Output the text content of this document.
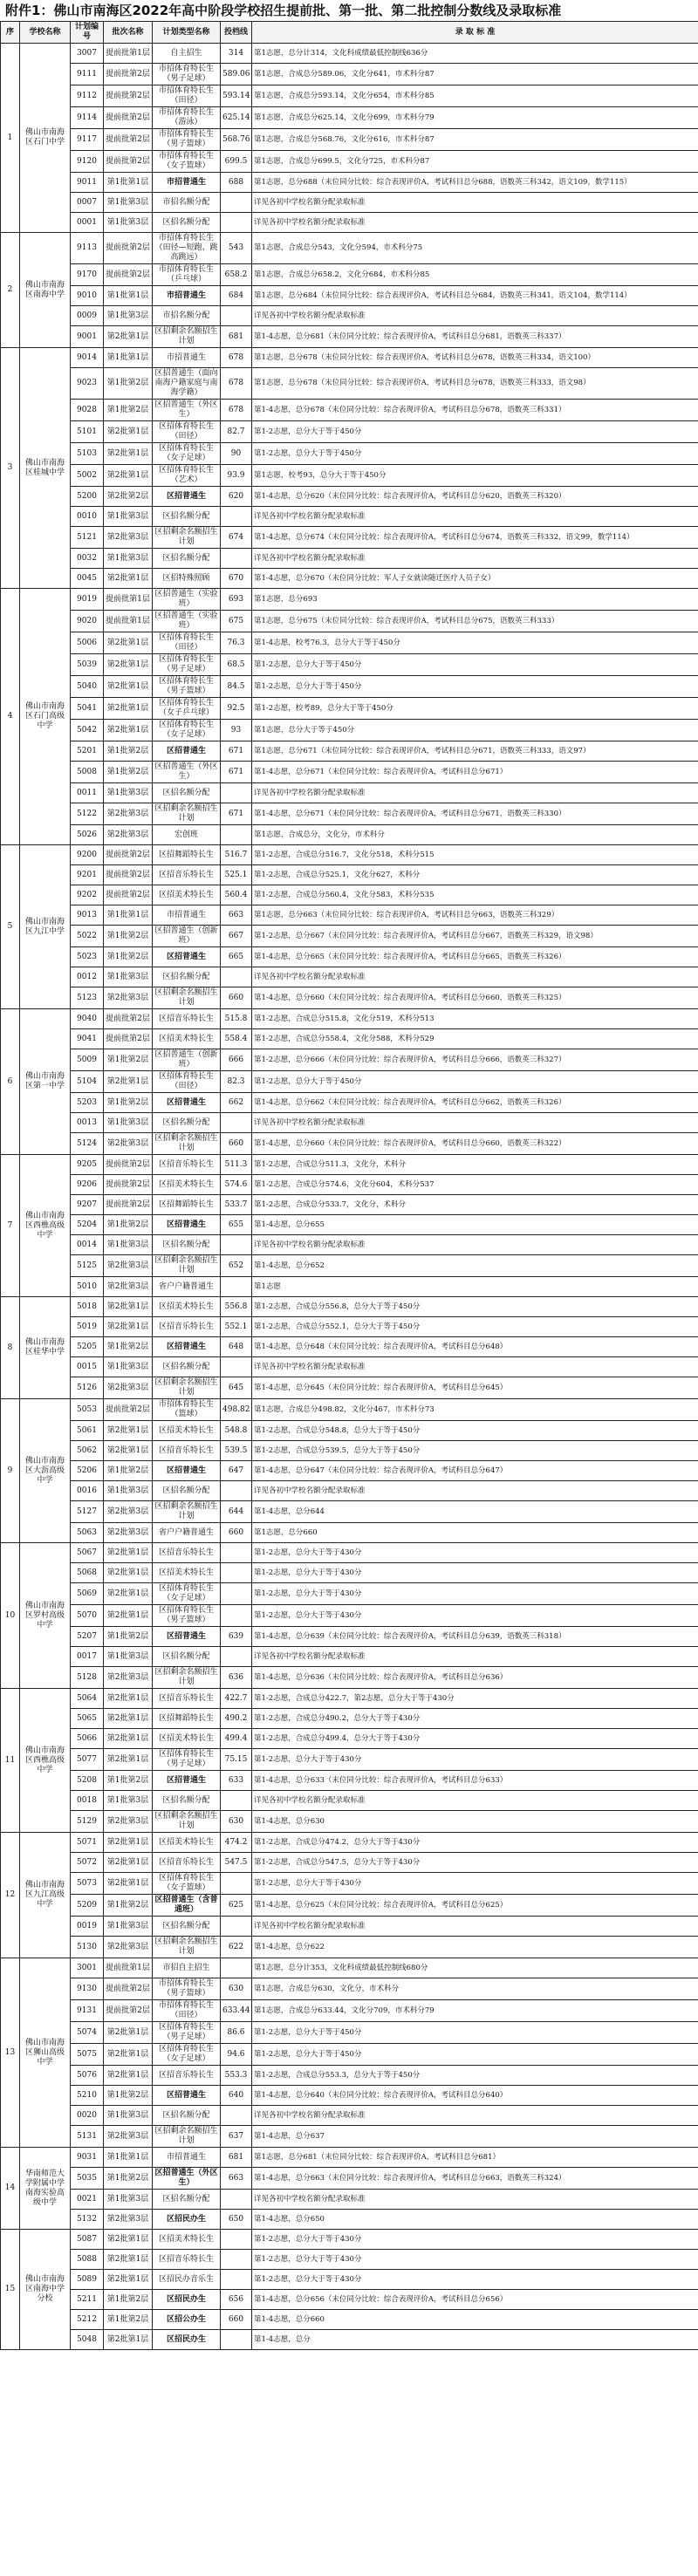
附件1：佛山市南海区2022年高中阶段学校招生提前批、第一批、第二批控制分数线及录取标准
序	学校名称	计划编号	批次名称	计划类型名称	投档线	录 取 标 准
1	佛山市南海区石门中学	3007	提前批第1层	自主招生	314	第1志愿，总分计314，文化科成绩最低控制线636分
		9111	提前批第2层	市招体育特长生（男子足球）	589.06	第1志愿，合成总分589.06，文化分641，市术科分87
		9112	提前批第2层	市招体育特长生（田径）	593.14	第1志愿，合成总分593.14，文化分654，市术科分85
		9114	提前批第2层	市招体育特长生（游泳）	625.14	第1志愿，合成总分625.14，文化分699，市术科分79
		9117	提前批第2层	市招体育特长生（男子篮球）	568.76	第1志愿，合成总分568.76，文化分616，市术科分87
		9120	提前批第2层	市招体育特长生（女子篮球）	699.5	第1志愿，合成总分699.5，文化分725，市术科分87
		9011	第1批第1层	市招普通生	688	第1志愿，总分688（末位同分比较：综合表现评价A，考试科目总分688，语数英三科342，语文109，数学115）
		0007	第1批第3层	市招名额分配		详见各初中学校名额分配录取标准
		0001	第1批第3层	区招名额分配		详见各初中学校名额分配录取标准
2	佛山市南海区南海中学	9113	提前批第2层	市招体育特长生（田径—短跑、跳高跳远）	543	第1志愿，合成总分543，文化分594，市术科分75
		9170	提前批第2层	市招体育特长生（乒乓球）	658.2	第1志愿，合成总分658.2，文化分684，市术科分85
		9010	第1批第1层	市招普通生	684	第1志愿，总分684（末位同分比较：综合表现评价A，考试科目总分684，语数英三科341，语文104，数学114）
		0009	第1批第3层	市招名额分配		详见各初中学校名额分配录取标准
		9001	第2批第1层	区招剩余名额招生计划	681	第1-4志愿，总分681（末位同分比较：综合表现评价A，考试科目总分681，语数英三科337）
3	佛山市南海区桂城中学	9014	第1批第1层	市招普通生	678	第1志愿，总分678（末位同分比较：综合表现评价A，考试科目总分678，语数英三科334，语文100）
		9023	第1批第2层	区招普通生（面向南海户籍家庭与南海学籍）	678	第1志愿，总分678（末位同分比较：综合表现评价A，考试科目总分678，语数英三科333，语文98）
		9028	第1批第2层	区招普通生（外区生）	678	第1-4志愿，总分678（末位同分比较：综合表现评价A，考试科目总分678，语数英三科331）
		5101	第2批第1层	区招体育特长生（田径）	82.7	第1-2志愿，总分大于等于450分
		5103	第2批第1层	区招体育特长生（女子足球）	90	第1-2志愿，总分大于等于450分
		5002	第2批第1层	区招体育特长生（艺术）	93.9	第1志愿，校考93，总分大于等于450分
		5200	第2批第2层	区招普通生	620	第1-4志愿，总分620（末位同分比较：综合表现评价A，考试科目总分620，语数英三科320）
		0010	第1批第3层	区招名额分配		详见各初中学校名额分配录取标准
		5121	第2批第3层	区招剩余名额招生计划	674	第1-4志愿，总分674（末位同分比较：综合表现评价A，考试科目总分674，语数英三科332，语文99，数学114）
		0032	第1批第3层	区招名额分配		详见各初中学校名额分配录取标准
		0045	第2批第1层	区招特殊照顾	670	第1-4志愿，总分670（末位同分比较：军人子女就读随迁医疗人员子女）
4	佛山市南海区石门高级中学	9019	提前批第1层	区招普通生（实验班）	693	第1志愿，总分693
		9020	提前批第1层	区招普通生（实验班）	675	第1志愿，总分675（末位同分比较：综合表现评价A，考试科目总分675，语数英三科333）
		5006	第2批第1层	区招体育特长生（田径）	76.3	第1-4志愿，校考76.3，总分大于等于450分
		5039	第2批第1层	区招体育特长生（男子足球）	68.5	第1-2志愿，总分大于等于450分
		5040	第2批第1层	区招体育特长生（男子篮球）	84.5	第1-2志愿，总分大于等于450分
		5041	第2批第1层	区招体育特长生（女子乒乓球）	92.5	第1-2志愿，校考89，总分大于等于450分
		5042	第2批第1层	区招体育特长生（女子足球）	93	第1志愿，总分大于等于450分
		5201	第1批第2层	区招普通生	671	第1志愿，总分671（末位同分比较：综合表现评价A，考试科目总分671，语数英三科333，语文97）
		5008	第1批第2层	区招普通生（外区生）	671	第1-4志愿，总分671（末位同分比较：综合表现评价A，考试科目总分671）
		0011	第1批第3层	区招名额分配		详见各初中学校名额分配录取标准
		5122	第2批第3层	区招剩余名额招生计划	671	第1-4志愿，总分671（末位同分比较：综合表现评价A，考试科目总分671，语数英三科330）
		5026	第2批第3层	宏创班		第1志愿，合成总分，文化分，市术科分
5	佛山市南海区九江中学	9200	提前批第2层	区招舞蹈特长生	516.7	第1-2志愿，合成总分516.7，文化分518，术科分515
		9201	提前批第2层	区招音乐特长生	525.1	第1-2志愿，合成总分525.1，文化分627，术科分
		9202	提前批第2层	区招美术特长生	560.4	第1-2志愿，合成总分560.4，文化分583，术科分535
		9013	第1批第1层	市招普通生	663	第1志愿，总分663（末位同分比较：综合表现评价A，考试科目总分663，语数英三科329）
		5022	第1批第2层	区招普通生（创新班）	667	第1-2志愿，总分667（末位同分比较：综合表现评价A，考试科目总分667，语数英三科329，语文98）
		5023	第1批第2层	区招普通生	665	第1-4志愿，总分665（末位同分比较：综合表现评价A，考试科目总分665，语数英三科326）
		0012	第1批第3层	区招名额分配		详见各初中学校名额分配录取标准
		5123	第2批第3层	区招剩余名额招生计划	660	第1-4志愿，总分660（末位同分比较：综合表现评价A，考试科目总分660，语数英三科325）
6	佛山市南海区第一中学	9040	提前批第2层	区招音乐特长生	515.8	第1-2志愿，合成总分515.8，文化分519，术科分513
		9041	提前批第2层	区招美术特长生	558.4	第1-2志愿，合成总分558.4，文化分588，术科分529
		5009	第1批第2层	区招普通生（创新班）	666	第1-2志愿，总分666（末位同分比较：综合表现评价A，考试科目总分666，语数英三科327）
		5104	第2批第1层	区招体育特长生（田径）	82.3	第1-2志愿，总分大于等于450分
		5203	第1批第2层	区招普通生	662	第1-4志愿，总分662（末位同分比较：综合表现评价A，考试科目总分662，语数英三科326）
		0013	第1批第3层	区招名额分配		详见各初中学校名额分配录取标准
		5124	第2批第3层	区招剩余名额招生计划	660	第1-4志愿，总分660（末位同分比较：综合表现评价A，考试科目总分660，语数英三科322）
7	佛山市南海区西樵高级中学	9205	提前批第2层	区招音乐特长生	511.3	第1-2志愿，合成总分511.3，文化分，术科分
		9206	提前批第2层	区招美术特长生	574.6	第1-2志愿，合成总分574.6，文化分604，术科分537
		9207	提前批第2层	区招舞蹈特长生	533.7	第1-2志愿，合成总分533.7，文化分，术科分
		5204	第1批第2层	区招普通生	655	第1-4志愿，总分655
		0014	第1批第3层	区招名额分配		详见各初中学校名额分配录取标准
		5125	第2批第3层	区招剩余名额招生计划	652	第1-4志愿，总分652
		5010	第2批第3层	省户户籍普通生		第1志愿
8	佛山市南海区桂华中学	5018	第2批第1层	区招美术特长生	556.8	第1-2志愿，合成总分556.8，总分大于等于450分
		5019	第2批第1层	区招音乐特长生	552.1	第1-2志愿，合成总分552.1，总分大于等于450分
		5205	第1批第2层	区招普通生	648	第1-4志愿，总分648（末位同分比较：综合表现评价A，考试科目总分648）
		0015	第1批第3层	区招名额分配		详见各初中学校名额分配录取标准
		5126	第2批第3层	区招剩余名额招生计划	645	第1-4志愿，总分645（末位同分比较：综合表现评价A，考试科目总分645）
9	佛山市南海区大沥高级中学	5053	提前批第2层	市招体育特长生（篮球）	498.82	第1志愿，合成总分498.82，文化分467，市术科分73
		5061	第2批第1层	区招美术特长生	548.8	第1-2志愿，合成总分548.8，总分大于等于450分
		5062	第2批第1层	区招音乐特长生	539.5	第1-2志愿，合成总分539.5，总分大于等于450分
		5206	第1批第2层	区招普通生	647	第1-4志愿，总分647（末位同分比较：综合表现评价A，考试科目总分647）
		0016	第1批第3层	区招名额分配		详见各初中学校名额分配录取标准
		5127	第2批第3层	区招剩余名额招生计划	644	第1-4志愿，总分644
		5063	第2批第3层	省户户籍普通生	660	第1志愿，总分660
10	佛山市南海区罗村高级中学	5067	第2批第1层	区招音乐特长生		第1-2志愿，总分大于等于430分
		5068	第2批第1层	区招美术特长生		第1-2志愿，总分大于等于430分
		5069	第2批第1层	区招体育特长生（女子足球）		第1-2志愿，总分大于等于430分
		5070	第2批第1层	区招体育特长生（男子篮球）		第1-2志愿，总分大于等于430分
		5207	第1批第2层	区招普通生	639	第1-4志愿，总分639（末位同分比较：综合表现评价A，考试科目总分639，语数英三科318）
		0017	第1批第3层	区招名额分配		详见各初中学校名额分配录取标准
		5128	第2批第3层	区招剩余名额招生计划	636	第1-4志愿，总分636（末位同分比较：综合表现评价A，考试科目总分636）
11	佛山市南海区西樵高级中学	5064	第2批第1层	区招音乐特长生	422.7	第1-2志愿，合成总分422.7，第2志愿，总分大于等于430分
		5065	第2批第1层	区招舞蹈特长生	490.2	第1-2志愿，合成总分490.2，总分大于等于430分
		5066	第2批第1层	区招美术特长生	499.4	第1-2志愿，合成总分499.4，总分大于等于430分
		5077	第2批第1层	区招体育特长生（男子足球）	75.15	第1-2志愿，总分大于等于430分
		5208	第1批第2层	区招普通生	633	第1-4志愿，总分633（末位同分比较：综合表现评价A，考试科目总分633）
		0018	第1批第3层	区招名额分配		详见各初中学校名额分配录取标准
		5129	第2批第3层	区招剩余名额招生计划	630	第1-4志愿，总分630
12	佛山市南海区九江高级中学	5071	第2批第1层	区招美术特长生	474.2	第1-2志愿，合成总分474.2，总分大于等于430分
		5072	第2批第1层	区招音乐特长生	547.5	第1-2志愿，合成总分547.5，总分大于等于430分
		5073	第2批第1层	区招体育特长生（女子篮球）		第1-2志愿，总分大于等于430分
		5209	第1批第2层	区招普通生（含普通班）	625	第1-4志愿，总分625（末位同分比较：综合表现评价A，考试科目总分625）
		0019	第1批第3层	区招名额分配		详见各初中学校名额分配录取标准
		5130	第2批第3层	区招剩余名额招生计划	622	第1-4志愿，总分622
13	佛山市南海区狮山高级中学	3001	提前批第1层	市招自主招生		第1志愿，总分计353，文化科成绩最低控制线680分
		9130	提前批第2层	市招体育特长生（男子篮球）	630	第1志愿，合成总分630，文化分，市术科分
		9131	提前批第2层	市招体育特长生（田径）	633.44	第1志愿，合成总分633.44，文化分709，市术科分79
		5074	第2批第1层	区招体育特长生（男子足球）	86.6	第1-2志愿，总分大于等于450分
		5075	第2批第1层	区招体育特长生（女子足球）	94.6	第1-2志愿，总分大于等于450分
		5076	第2批第1层	区招音乐特长生	553.3	第1-2志愿，合成总分553.3，总分大于等于450分
		5210	第1批第2层	区招普通生	640	第1-4志愿，总分640（末位同分比较：综合表现评价A，考试科目总分640）
		0020	第1批第3层	区招名额分配		详见各初中学校名额分配录取标准
		5131	第2批第3层	区招剩余名额招生计划	637	第1-4志愿，总分637
14	华南师范大学附属中学南海实验高级中学	9031	第1批第1层	市招普通生	681	第1志愿，总分681（末位同分比较：综合表现评价A，考试科目总分681）
		5035	第1批第2层	区招普通生（外区生）	663	第1-4志愿，总分663（末位同分比较：综合表现评价A，考试科目总分663，语数英三科324）
		0021	第1批第3层	区招名额分配		详见各初中学校名额分配录取标准
		5132	第2批第3层	区招民办生	650	第1-4志愿，总分650
15	佛山市南海区南海中学分校	5087	第2批第1层	区招美术特长生		第1-2志愿，总分大于等于430分
		5088	第2批第1层	区招音乐特长生		第1-2志愿，总分大于等于430分
		5089	第2批第1层	区招民办音乐生		第1-2志愿，总分大于等于430分
		5211	第1批第2层	区招民办生	656	第1-4志愿，总分656（末位同分比较：综合表现评价A，考试科目总分656）
		5212	第1批第2层	区招公办生	660	第1-4志愿，总分660
		5048	第2批第1层	区招民办生		第1-4志愿，总分
